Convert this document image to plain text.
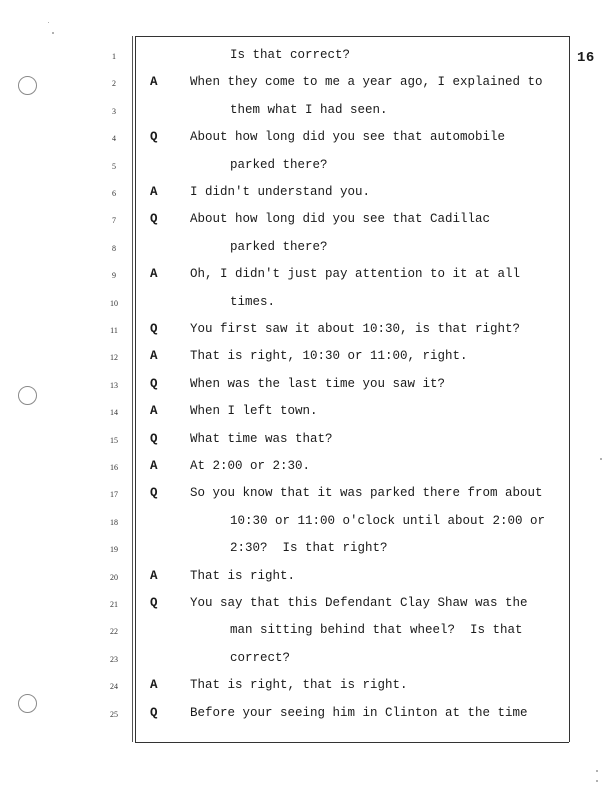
16
1	Is that correct?
2	A	When they come to me a year ago, I explained to
3	them what I had seen.
4	Q	About how long did you see that automobile
5	parked there?
6	A	I didn't understand you.
7	Q	About how long did you see that Cadillac
8	parked there?
9	A	Oh, I didn't just pay attention to it at all
10	times.
11	Q	You first saw it about 10:30, is that right?
12	A	That is right, 10:30 or 11:00, right.
13	Q	When was the last time you saw it?
14	A	When I left town.
15	Q	What time was that?
16	A	At 2:00 or 2:30.
17	Q	So you know that it was parked there from about
18	10:30 or 11:00 o'clock until about 2:00 or
19	2:30?  Is that right?
20	A	That is right.
21	Q	You say that this Defendant Clay Shaw was the
22	man sitting behind that wheel?  Is that
23	correct?
24	A	That is right, that is right.
25	Q	Before your seeing him in Clinton at the time
